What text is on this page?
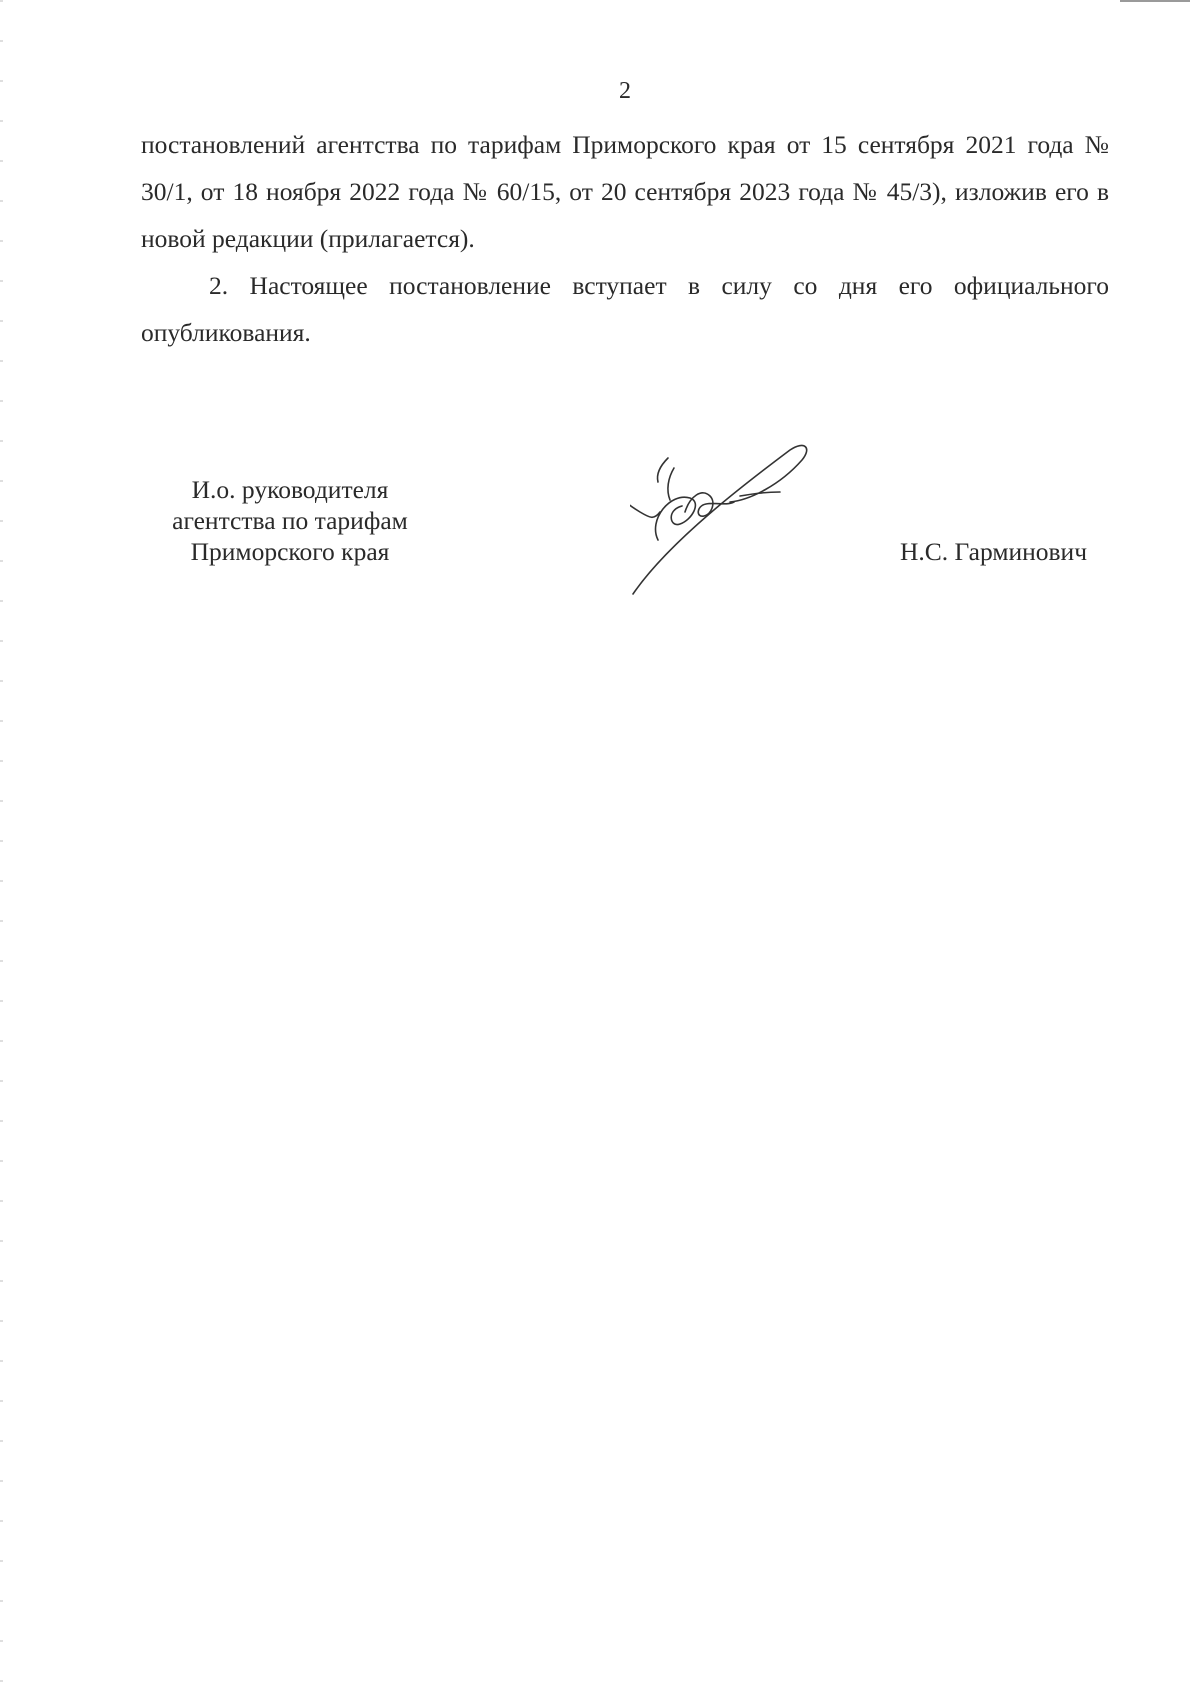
2

постановлений агентства по тарифам Приморского края от 15 сентября 2021 года № 30/1, от 18 ноября 2022 года № 60/15, от 20 сентября 2023 года № 45/3), изложив его в новой редакции (прилагается).

2. Настоящее постановление вступает в силу со дня его официального опубликования.

И.о. руководителя
агентства по тарифам
Приморского края	Н.С. Гарминович
